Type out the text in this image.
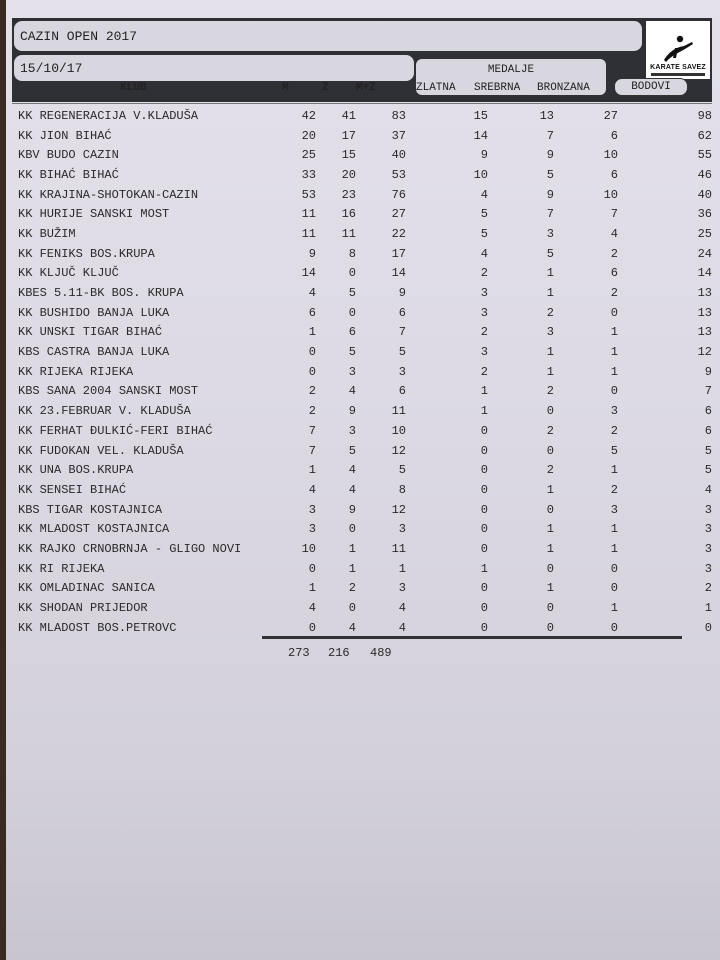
CAZIN OPEN 2017
15/10/17	MEDALJE	KARATE SAVEZ
KLUB	M	Z M+Z	ZLATNA SREBRNA BRONZANA	BODOVI
KK REGENERACIJA V.KLADUŠA	42	41	83	15	13	27	98
KK JION BIHAĆ	20	17	37	14	7	6	62
KBV BUDO CAZIN	25	15	40	9	9	10	55
KK BIHAĆ BIHAĆ	33	20	53	10	5	6	46
KK KRAJINA-SHOTOKAN-CAZIN	53	23	76	4	9	10	40
KK HURIJE SANSKI MOST	11	16	27	5	7	7	36
KK BUŽIM	11	11	22	5	3	4	25
KK FENIKS BOS.KRUPA	9	8	17	4	5	2	24
KK KLJUČ KLJUČ	14	0	14	2	1	6	14
KBES 5.11-BK BOS. KRUPA	4	5	9	3	1	2	13
KK BUSHIDO BANJA LUKA	6	0	6	3	2	0	13
KK UNSKI TIGAR BIHAĆ	1	6	7	2	3	1	13
KBS CASTRA BANJA LUKA	0	5	5	3	1	1	12
KK RIJEKA RIJEKA	0	3	3	2	1	1	9
KBS SANA 2004 SANSKI MOST	2	4	6	1	2	0	7
KK 23.FEBRUAR V. KLADUŠA	2	9	11	1	0	3	6
KK FERHAT ĐULKIĆ-FERI BIHAĆ	7	3	10	0	2	2	6
KK FUDOKAN VEL. KLADUŠA	7	5	12	0	0	5	5
KK UNA BOS.KRUPA	1	4	5	0	2	1	5
KK SENSEI BIHAĆ	4	4	8	0	1	2	4
KBS TIGAR KOSTAJNICA	3	9	12	0	0	3	3
KK MLADOST KOSTAJNICA	3	0	3	0	1	1	3
KK RAJKO CRNOBRNJA - GLIGO NOVI	10	1	11	0	1	1	3
KK RI RIJEKA	0	1	1	1	0	0	3
KK OMLADINAC SANICA	1	2	3	0	1	0	2
KK SHODAN PRIJEDOR	4	0	4	0	0	1	1
KK MLADOST BOS.PETROVC	0	4	4	0	0	0	0
273 216 489
